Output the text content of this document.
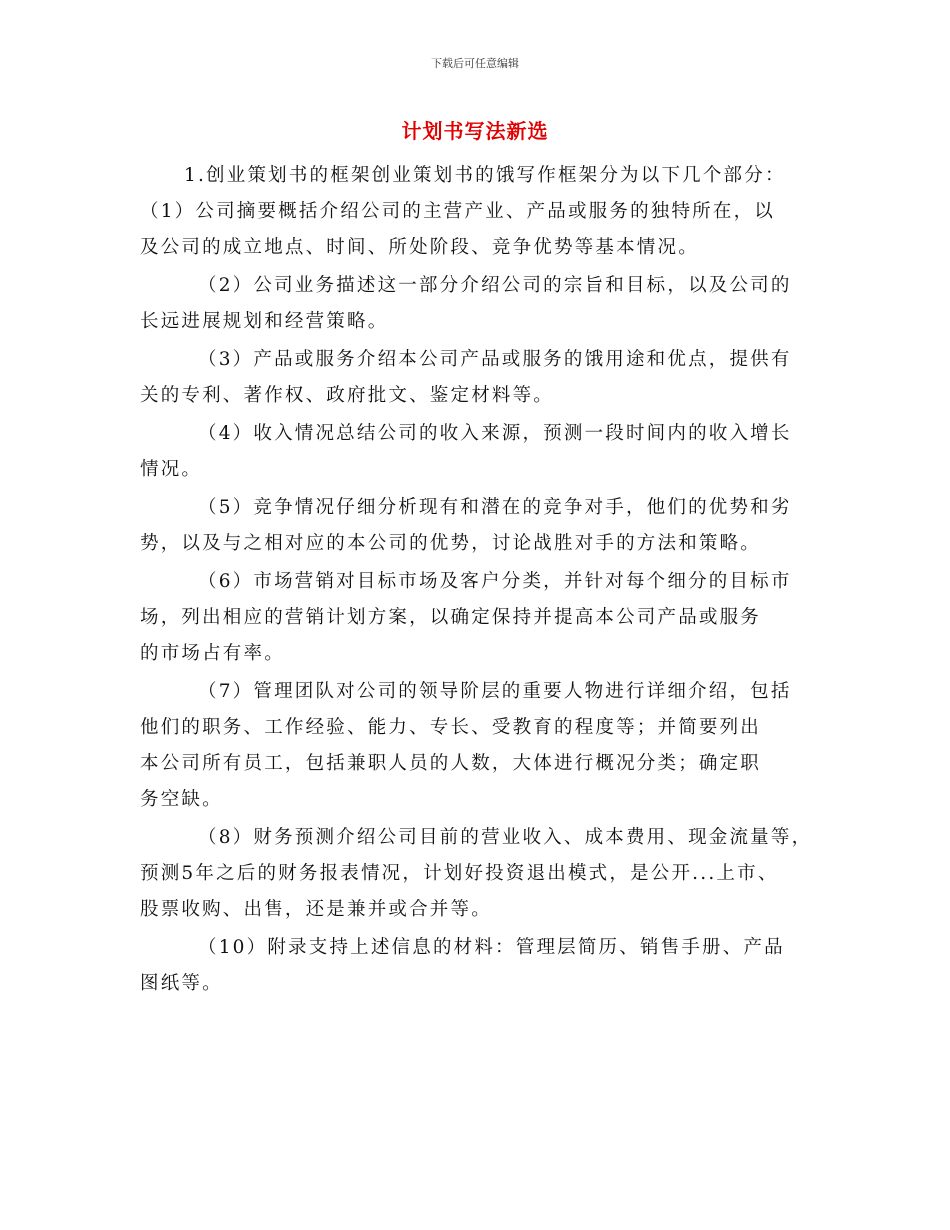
下载后可任意编辑
计划书写法新选
1.创业策划书的框架创业策划书的饿写作框架分为以下几个部分：
（1）公司摘要概括介绍公司的主营产业、产品或服务的独特所在，以
及公司的成立地点、时间、所处阶段、竞争优势等基本情况。
（2）公司业务描述这一部分介绍公司的宗旨和目标，以及公司的
长远进展规划和经营策略。
（3）产品或服务介绍本公司产品或服务的饿用途和优点，提供有
关的专利、著作权、政府批文、鉴定材料等。
（4）收入情况总结公司的收入来源，预测一段时间内的收入增长
情况。
（5）竞争情况仔细分析现有和潜在的竞争对手，他们的优势和劣
势，以及与之相对应的本公司的优势，讨论战胜对手的方法和策略。
（6）市场营销对目标市场及客户分类，并针对每个细分的目标市
场，列出相应的营销计划方案，以确定保持并提高本公司产品或服务
的市场占有率。
（7）管理团队对公司的领导阶层的重要人物进行详细介绍，包括
他们的职务、工作经验、能力、专长、受教育的程度等；并简要列出
本公司所有员工，包括兼职人员的人数，大体进行概况分类；确定职
务空缺。
（8）财务预测介绍公司目前的营业收入、成本费用、现金流量等，
预测5年之后的财务报表情况，计划好投资退出模式，是公开...上市、
股票收购、出售，还是兼并或合并等。
（10）附录支持上述信息的材料：管理层简历、销售手册、产品
图纸等。
